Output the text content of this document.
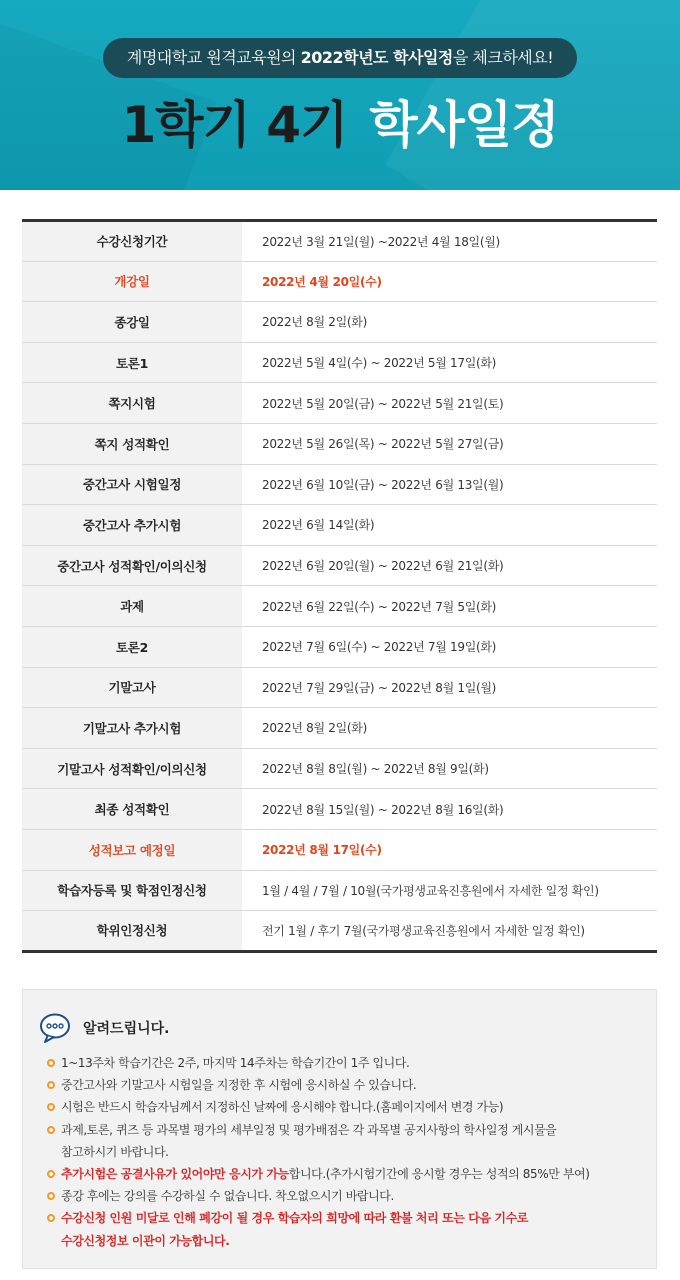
계명대학교 원격교육원의 2022학년도 학사일정을 체크하세요!
1학기 4기 학사일정
수강신청기간	2022년 3월 21일(월) ~2022년 4월 18일(월)
개강일	2022년 4월 20일(수)
종강일	2022년 8월 2일(화)
토론1	2022년 5월 4일(수) ~ 2022년 5월 17일(화)
쪽지시험	2022년 5월 20일(금) ~ 2022년 5월 21일(토)
쪽지 성적확인	2022년 5월 26일(목) ~ 2022년 5월 27일(금)
중간고사 시험일정	2022년 6월 10일(금) ~ 2022년 6월 13일(월)
중간고사 추가시험	2022년 6월 14일(화)
중간고사 성적확인/이의신청	2022년 6월 20일(월) ~ 2022년 6월 21일(화)
과제	2022년 6월 22일(수) ~ 2022년 7월 5일(화)
토론2	2022년 7월 6일(수) ~ 2022년 7월 19일(화)
기말고사	2022년 7월 29일(금) ~ 2022년 8월 1일(월)
기말고사 추가시험	2022년 8월 2일(화)
기말고사 성적확인/이의신청	2022년 8월 8일(월) ~ 2022년 8월 9일(화)
최종 성적확인	2022년 8월 15일(월) ~ 2022년 8월 16일(화)
성적보고 예정일	2022년 8월 17일(수)
학습자등록 및 학점인정신청	1월 / 4월 / 7월 / 10월(국가평생교육진흥원에서 자세한 일정 확인)
학위인정신청	전기 1월 / 후기 7월(국가평생교육진흥원에서 자세한 일정 확인)
알려드립니다.
1~13주차 학습기간은 2주, 마지막 14주차는 학습기간이 1주 입니다.
중간고사와 기말고사 시험일을 지정한 후 시험에 응시하실 수 있습니다.
시험은 반드시 학습자님께서 지정하신 날짜에 응시해야 합니다.(홈페이지에서 변경 가능)
과제,토론, 퀴즈 등 과목별 평가의 세부일정 및 평가배점은 각 과목별 공지사항의 학사일정 게시물을
참고하시기 바랍니다.
추가시험은 공결사유가 있어야만 응시가 가능합니다.(추가시험기간에 응시할 경우는 성적의 85%만 부여)
종강 후에는 강의를 수강하실 수 없습니다. 착오없으시기 바랍니다.
수강신청 인원 미달로 인해 폐강이 될 경우 학습자의 희망에 따라 환불 처리 또는 다음 기수로
수강신청정보 이관이 가능합니다.
